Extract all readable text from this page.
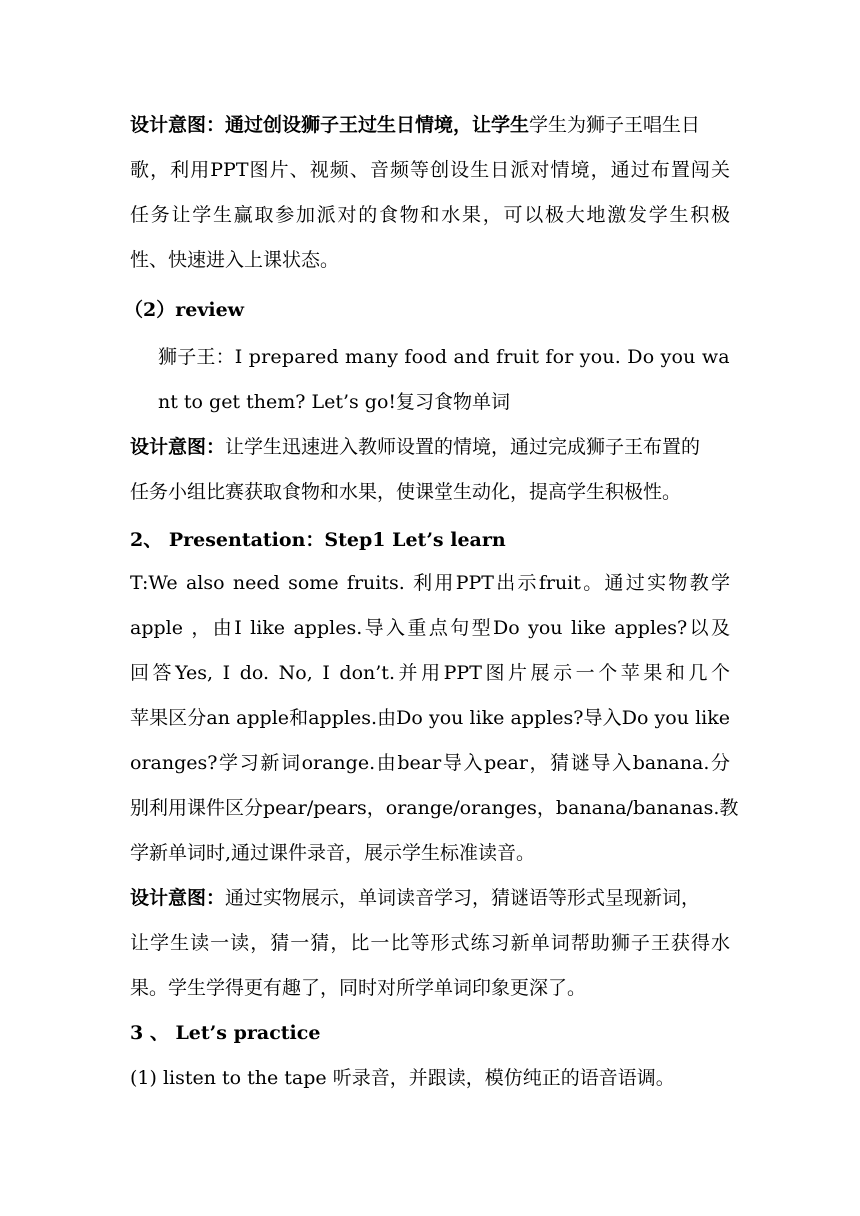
设计意图：通过创设狮子王过生日情境，让学生学生为狮子王唱生日
歌，利用PPT图片、视频、音频等创设生日派对情境，通过布置闯关
任务让学生赢取参加派对的食物和水果，可以极大地激发学生积极
性、快速进入上课状态。
（2）review
狮子王：I prepared many food and fruit for you. Do you wa
nt to get them? Let’s go!复习食物单词
设计意图：让学生迅速进入教师设置的情境，通过完成狮子王布置的
任务小组比赛获取食物和水果，使课堂生动化，提高学生积极性。
2、 Presentation：Step1 Let’s learn
T:We also need some fruits. 利用PPT出示fruit。通过实物教学
apple ，由I like apples.导入重点句型Do you like apples?以及
回答Yes, I do. No, I don’t.并用PPT图片展示一个苹果和几个
苹果区分an apple和apples.由Do you like apples?导入Do you like
oranges?学习新词orange.由bear导入pear，猜谜导入banana.分
别利用课件区分pear/pears，orange/oranges，banana/bananas.教
学新单词时,通过课件录音，展示学生标准读音。
设计意图：通过实物展示，单词读音学习，猜谜语等形式呈现新词，
让学生读一读，猜一猜，比一比等形式练习新单词帮助狮子王获得水
果。学生学得更有趣了，同时对所学单词印象更深了。
3 、 Let’s practice
(1) listen to the tape 听录音，并跟读，模仿纯正的语音语调。
